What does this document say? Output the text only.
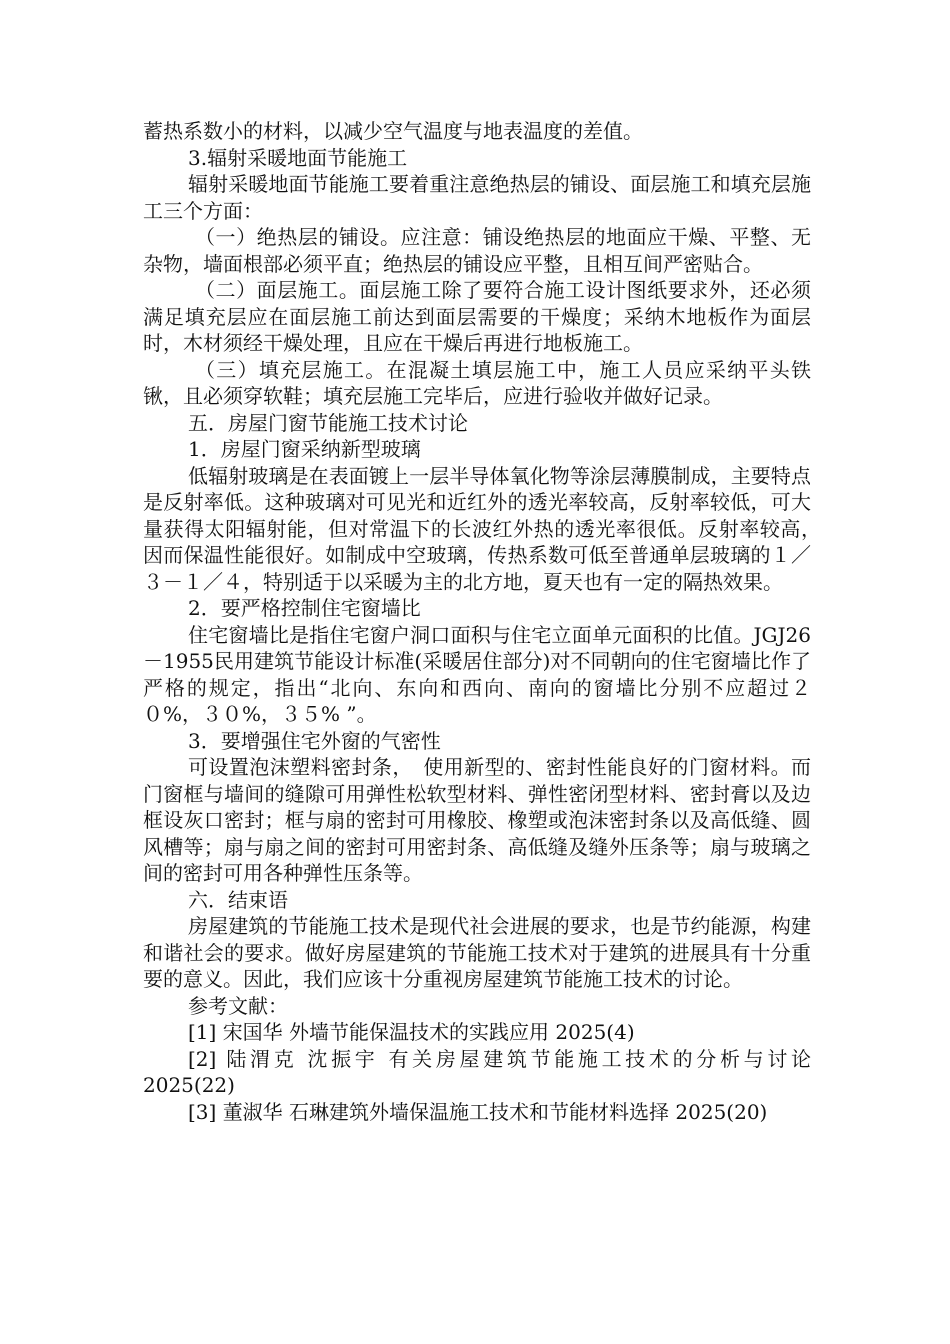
蓄热系数小的材料，以减少空气温度与地表温度的差值。

3.辐射采暖地面节能施工

辐射采暖地面节能施工要着重注意绝热层的铺设、面层施工和填充层施工三个方面：

（一）绝热层的铺设。应注意：铺设绝热层的地面应干燥、平整、无杂物，墙面根部必须平直；绝热层的铺设应平整，且相互间严密贴合。

（二）面层施工。面层施工除了要符合施工设计图纸要求外，还必须满足填充层应在面层施工前达到面层需要的干燥度；采纳木地板作为面层时，木材须经干燥处理，且应在干燥后再进行地板施工。

（三）填充层施工。在混凝土填层施工中，施工人员应采纳平头铁锹，且必须穿软鞋；填充层施工完毕后，应进行验收并做好记录。

五．房屋门窗节能施工技术讨论

1．房屋门窗采纳新型玻璃

低辐射玻璃是在表面镀上一层半导体氧化物等涂层薄膜制成，主要特点是反射率低。这种玻璃对可见光和近红外的透光率较高，反射率较低，可大量获得太阳辐射能，但对常温下的长波红外热的透光率很低。反射率较高，　因而保温性能很好。如制成中空玻璃，传热系数可低至普通单层玻璃的１／３－１／４，特别适于以采暖为主的北方地，夏天也有一定的隔热效果。

2．要严格控制住宅窗墙比

住宅窗墙比是指住宅窗户洞口面积与住宅立面单元面积的比值。JGJ26－1955民用建筑节能设计标准(采暖居住部分)对不同朝向的住宅窗墙比作了严格的规定，指出“北向、东向和西向、南向的窗墙比分别不应超过２０%，３０%，３５% ”。

3．要增强住宅外窗的气密性

可设置泡沫塑料密封条，　使用新型的、密封性能良好的门窗材料。而门窗框与墙间的缝隙可用弹性松软型材料、弹性密闭型材料、密封膏以及边框设灰口密封；框与扇的密封可用橡胶、橡塑或泡沫密封条以及高低缝、圆风槽等；扇与扇之间的密封可用密封条、高低缝及缝外压条等；扇与玻璃之间的密封可用各种弹性压条等。

六．结束语

房屋建筑的节能施工技术是现代社会进展的要求，也是节约能源，构建和谐社会的要求。做好房屋建筑的节能施工技术对于建筑的进展具有十分重要的意义。因此，我们应该十分重视房屋建筑节能施工技术的讨论。

参考文献：

[1] 宋国华 外墙节能保温技术的实践应用 2025(4)

[2] 陆渭克 沈振宇 有关房屋建筑节能施工技术的分析与讨论 2025(22)

[3] 董淑华 石琳建筑外墙保温施工技术和节能材料选择 2025(20)
